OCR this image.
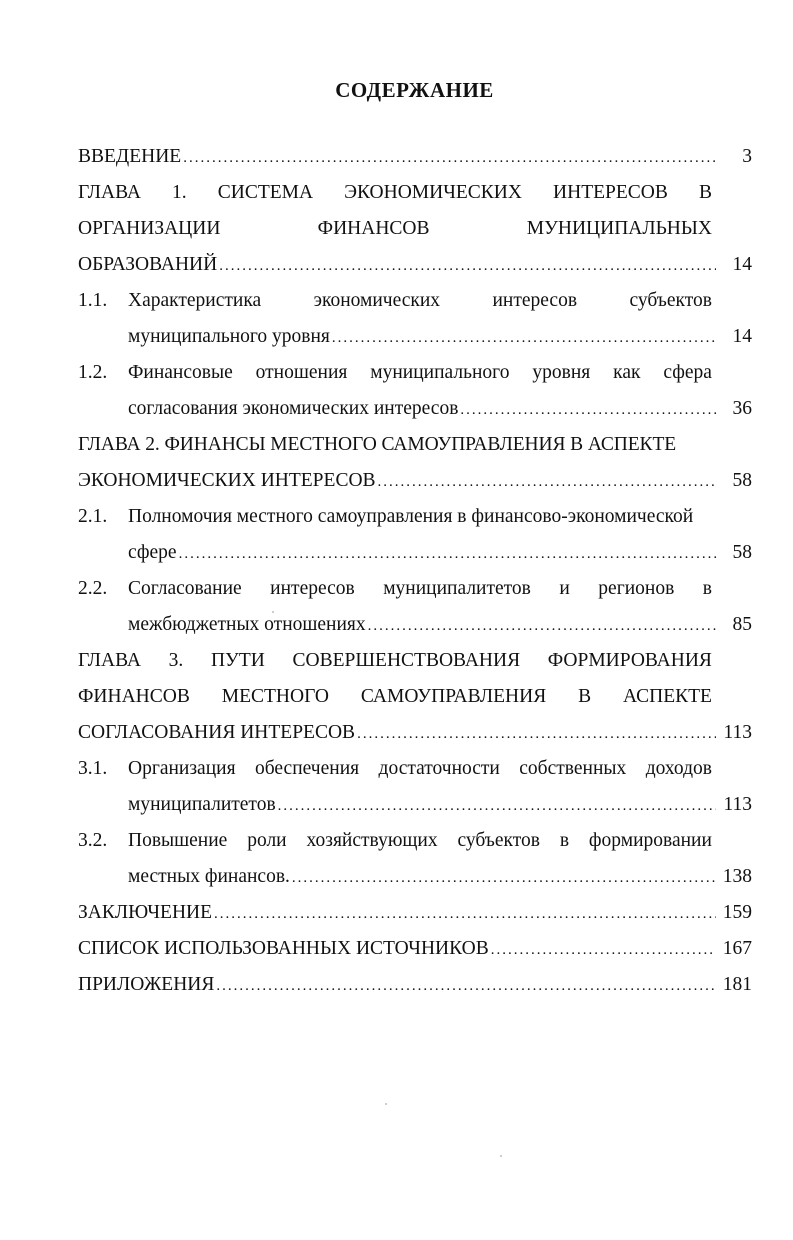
СОДЕРЖАНИЕ
ВВЕДЕНИЕ .....	3
ГЛАВА 1. СИСТЕМА ЭКОНОМИЧЕСКИХ ИНТЕРЕСОВ В
ОРГАНИЗАЦИИ	ФИНАНСОВ	МУНИЦИПАЛЬНЫХ
ОБРАЗОВАНИЙ .....	14
1.1. Характеристика	экономических	интересов	субъектов
муниципального уровня .....	14
1.2. Финансовые отношения муниципального уровня как сфера
согласования экономических интересов .....	36
ГЛАВА 2. ФИНАНСЫ МЕСТНОГО САМОУПРАВЛЕНИЯ В АСПЕКТЕ
ЭКОНОМИЧЕСКИХ ИНТЕРЕСОВ .....	58
2.1. Полномочия местного самоуправления в финансово-экономической
сфере .....	58
2.2. Согласование интересов муниципалитетов и регионов в
межбюджетных отношениях .....	85
ГЛАВА 3. ПУТИ СОВЕРШЕНСТВОВАНИЯ ФОРМИРОВАНИЯ
ФИНАНСОВ МЕСТНОГО САМОУПРАВЛЕНИЯ В АСПЕКТЕ
СОГЛАСОВАНИЯ ИНТЕРЕСОВ .....	113
3.1. Организация обеспечения достаточности собственных доходов
муниципалитетов .....	113
3.2. Повышение роли хозяйствующих субъектов в формировании
местных финансов. .....	138
ЗАКЛЮЧЕНИЕ .....	159
СПИСОК ИСПОЛЬЗОВАННЫХ ИСТОЧНИКОВ .....	167
ПРИЛОЖЕНИЯ .....	181
